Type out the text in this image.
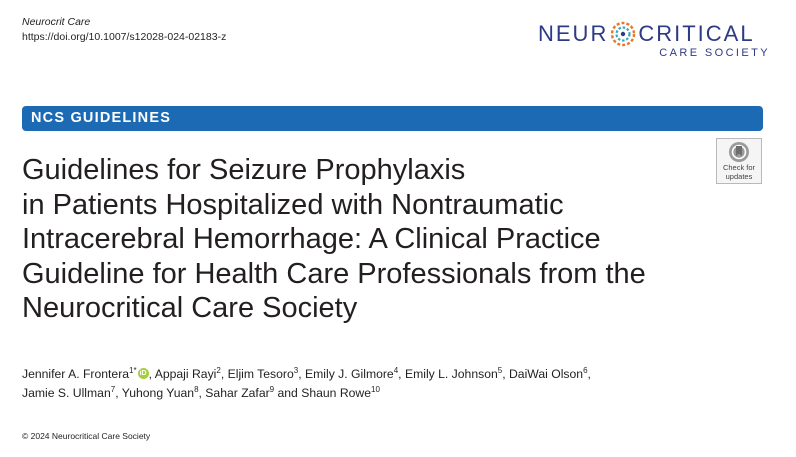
Neurocrit Care
https://doi.org/10.1007/s12028-024-02183-z	NEUR CRITICAL
CARE SOCIETY
NCS GUIDELINES
Check for
updates
Guidelines for Seizure Prophylaxis
in Patients Hospitalized with Nontraumatic
Intracerebral Hemorrhage: A Clinical Practice
Guideline for Health Care Professionals from the
Neurocritical Care Society
Jennifer A. Frontera$^{1*}$ iD , Appaji Rayi$^2$, Eljim Tesoro$^3$, Emily J. Gilmore$^4$, Emily L. Johnson$^5$, DaiWai Olson$^6$,
Jamie S. Ullman$^7$, Yuhong Yuan$^8$, Sahar Zafar$^9$ and Shaun Rowe$^{10}$
© 2024 Neurocritical Care Society
